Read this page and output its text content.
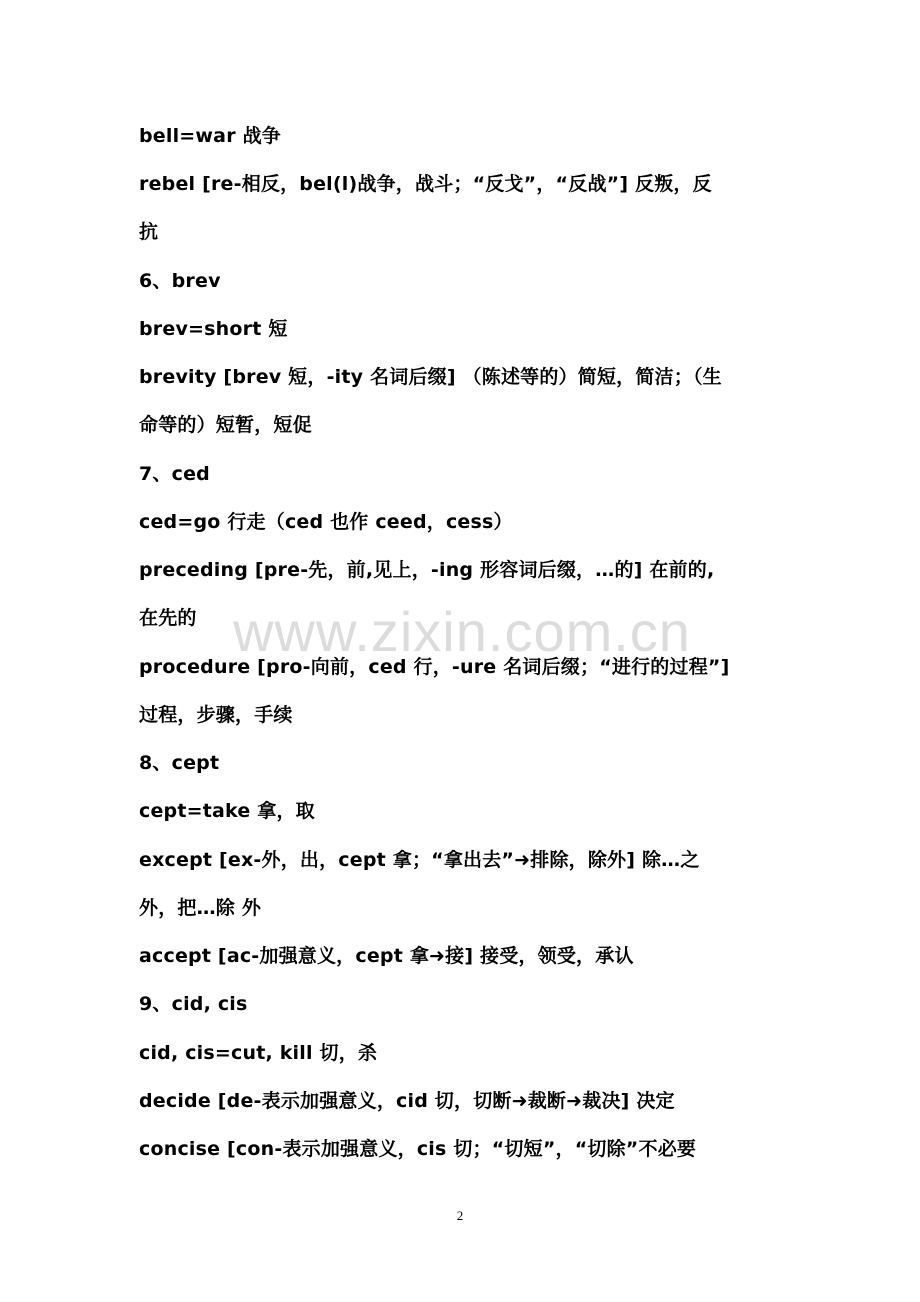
bell=war 战争
rebel [re-相反，bel(l)战争，战斗；“反戈”，“反战”] 反叛，反
抗
6、brev
brev=short 短
brevity [brev 短，-ity 名词后缀] （陈述等的）简短，简洁；（生
命等的）短暂，短促
7、ced
ced=go 行走（ced 也作 ceed，cess）
preceding [pre-先，前,见上，-ing 形容词后缀，…的] 在前的,
在先的
procedure [pro-向前，ced 行，-ure 名词后缀；“进行的过程”]
过程，步骤，手续
8、cept
cept=take 拿，取
except [ex-外，出，cept 拿；“拿出去”➜排除，除外] 除…之
外，把…除 外
accept [ac-加强意义，cept 拿➜接] 接受，领受，承认
9、cid, cis
cid, cis=cut, kill 切，杀
decide [de-表示加强意义，cid 切，切断➜裁断➜裁决] 决定
concise [con-表示加强意义，cis 切；“切短”，“切除”不必要
www.zixin.com.cn
2
